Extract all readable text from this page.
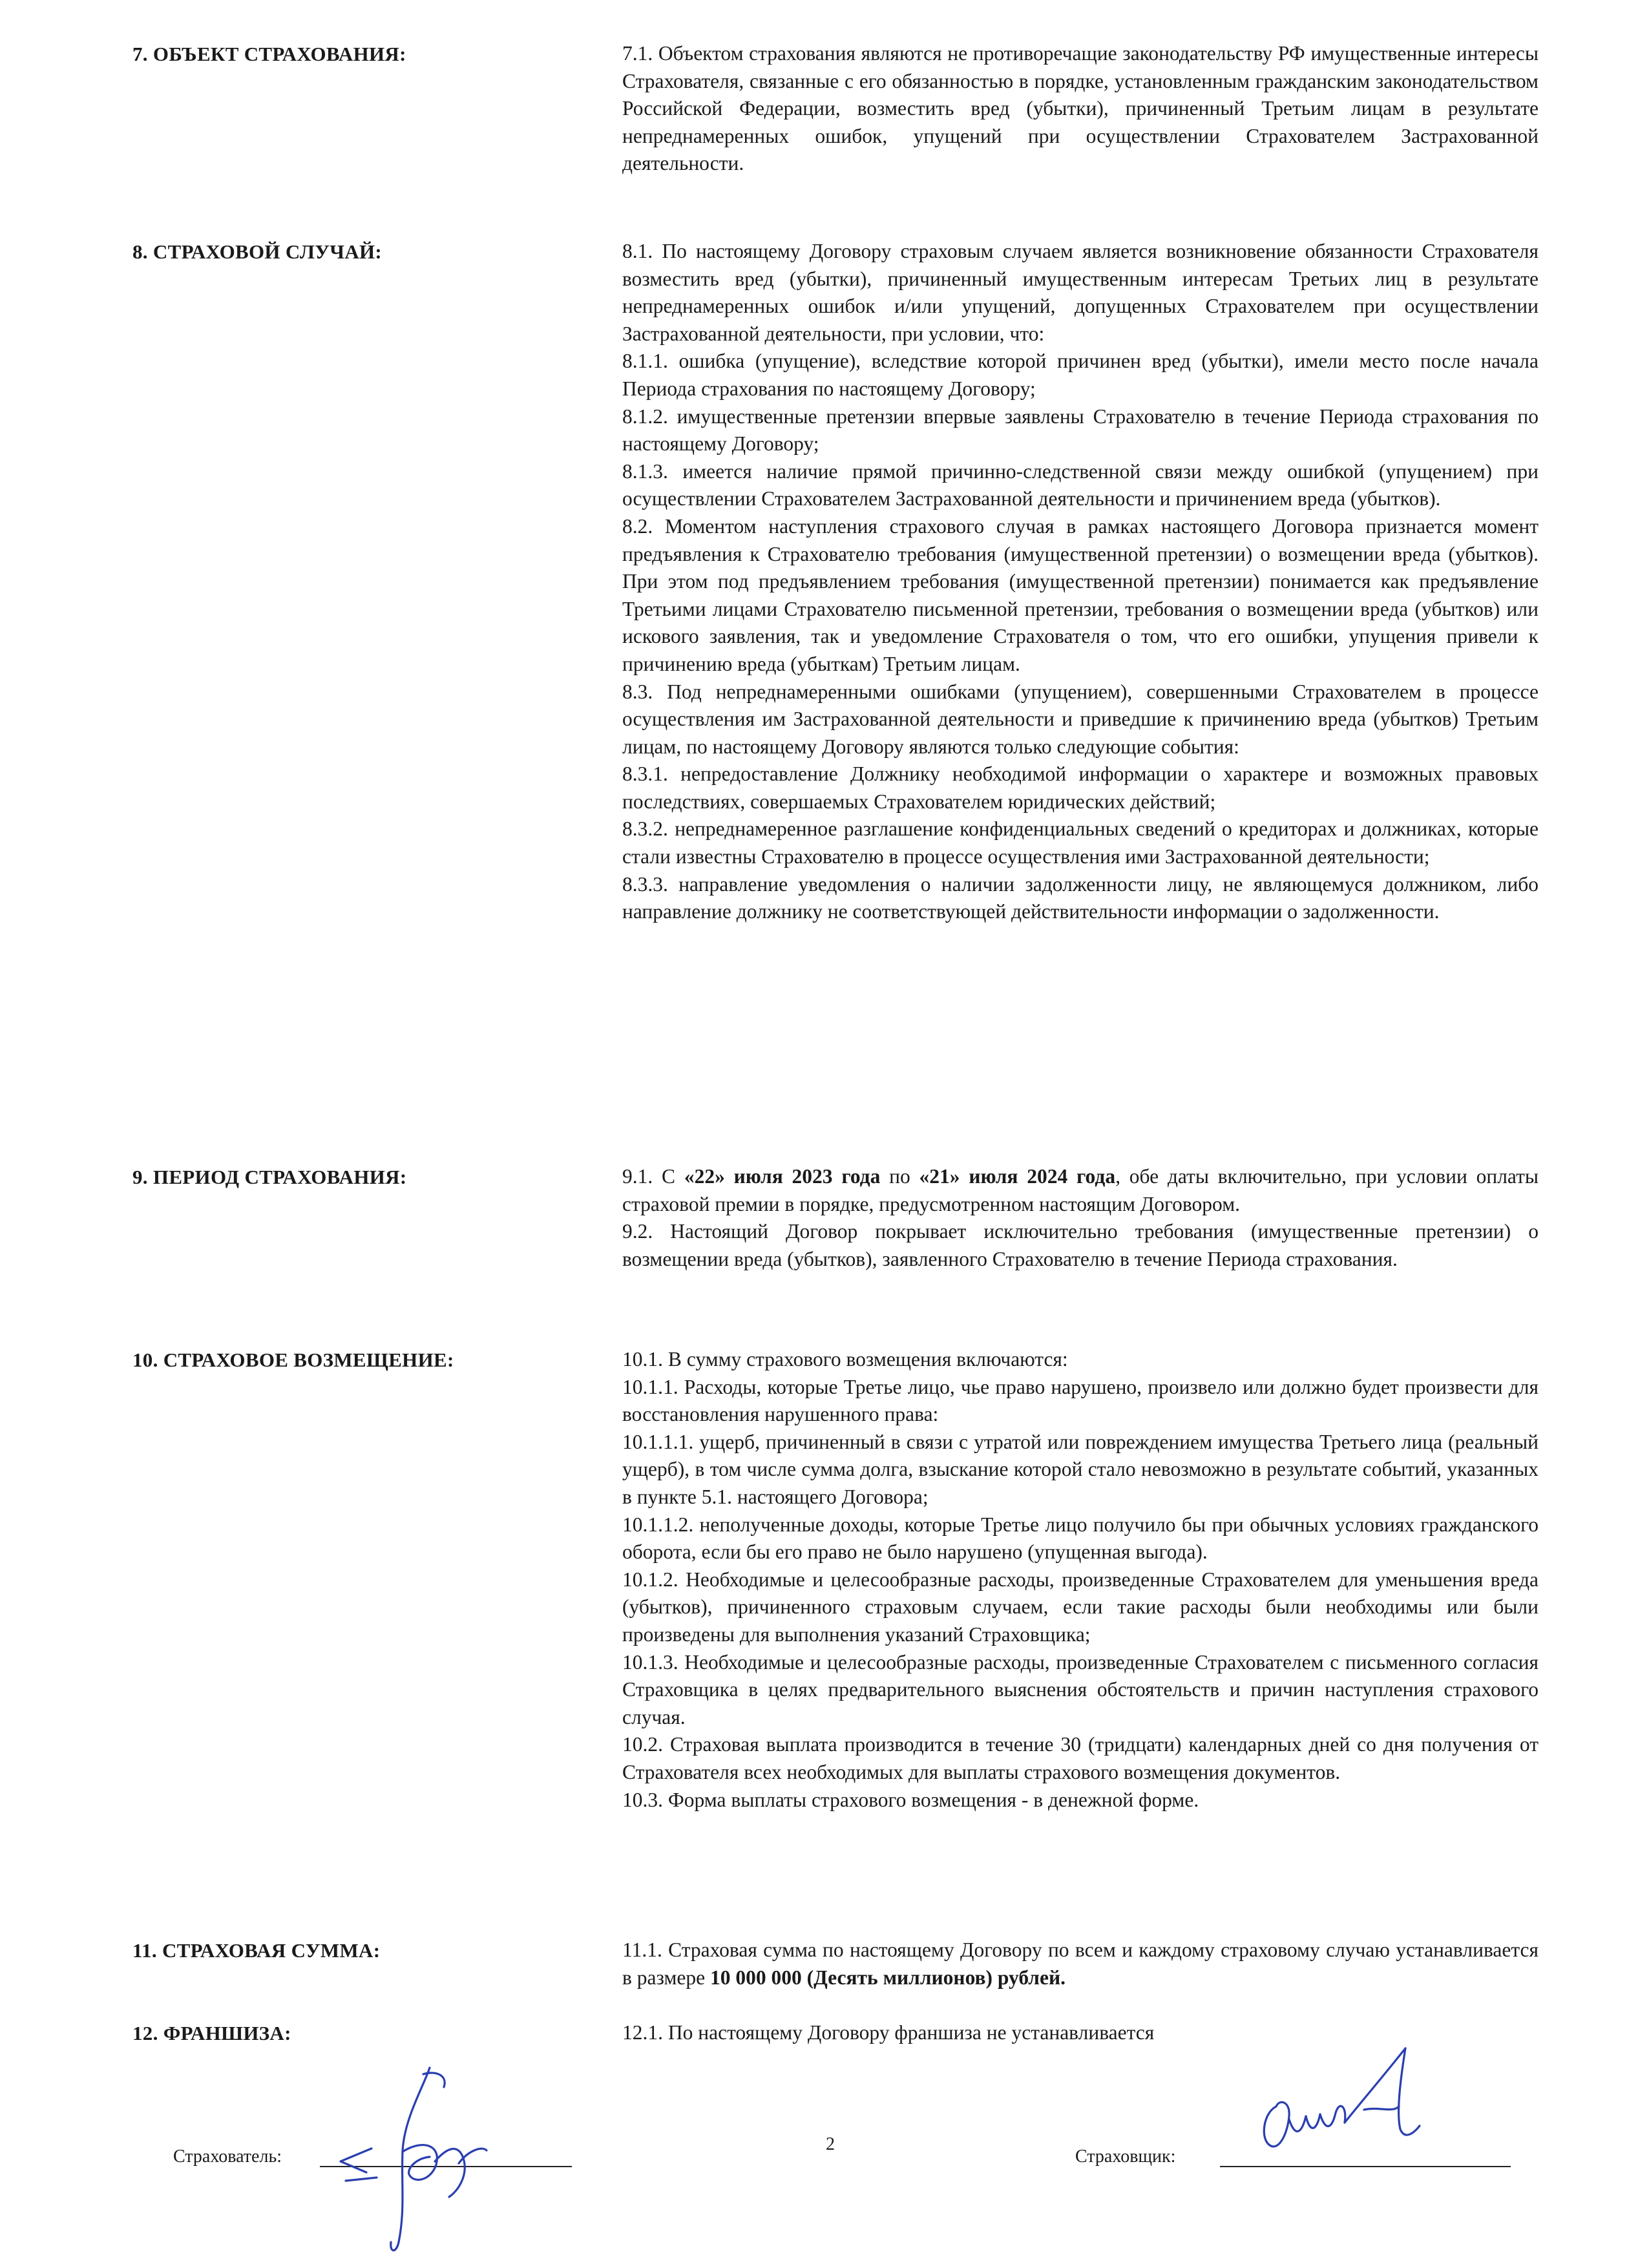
7. ОБЪЕКТ СТРАХОВАНИЯ:	7.1. Объектом страхования являются не противоречащие законодательству РФ имущественные интересы Страхователя, связанные с его обязанностью в порядке, установленным гражданским законодательством Российской Федерации, возместить вред (убытки), причиненный Третьим лицам в результате непреднамеренных ошибок, упущений при осуществлении Страхователем Застрахованной деятельности.

8. СТРАХОВОЙ СЛУЧАЙ:	8.1. По настоящему Договору страховым случаем является возникновение обязанности Страхователя возместить вред (убытки), причиненный имущественным интересам Третьих лиц в результате непреднамеренных ошибок и/или упущений, допущенных Страхователем при осуществлении Застрахованной деятельности, при условии, что:

8.1.1. ошибка (упущение), вследствие которой причинен вред (убытки), имели место после начала Периода страхования по настоящему Договору;

8.1.2. имущественные претензии впервые заявлены Страхователю в течение Периода страхования по настоящему Договору;

8.1.3. имеется наличие прямой причинно-следственной связи между ошибкой (упущением) при осуществлении Страхователем Застрахованной деятельности и причинением вреда (убытков).

8.2. Моментом наступления страхового случая в рамках настоящего Договора признается момент предъявления к Страхователю требования (имущественной претензии) о возмещении вреда (убытков). При этом под предъявлением требования (имущественной претензии) понимается как предъявление Третьими лицами Страхователю письменной претензии, требования о возмещении вреда (убытков) или искового заявления, так и уведомление Страхователя о том, что его ошибки, упущения привели к причинению вреда (убыткам) Третьим лицам.

8.3. Под непреднамеренными ошибками (упущением), совершенными Страхователем в процессе осуществления им Застрахованной деятельности и приведшие к причинению вреда (убытков) Третьим лицам, по настоящему Договору являются только следующие события:

8.3.1. непредоставление Должнику необходимой информации о характере и возможных правовых последствиях, совершаемых Страхователем юридических действий;

8.3.2. непреднамеренное разглашение конфиденциальных сведений о кредиторах и должниках, которые стали известны Страхователю в процессе осуществления ими Застрахованной деятельности;

8.3.3. направление уведомления о наличии задолженности лицу, не являющемуся должником, либо направление должнику не соответствующей действительности информации о задолженности.

9. ПЕРИОД СТРАХОВАНИЯ:	9.1. С «22» июля 2023 года по «21» июля 2024 года, обе даты включительно, при условии оплаты страховой премии в порядке, предусмотренном настоящим Договором.

9.2. Настоящий Договор покрывает исключительно требования (имущественные претензии) о возмещении вреда (убытков), заявленного Страхователю в течение Периода страхования.

10. СТРАХОВОЕ ВОЗМЕЩЕНИЕ:	10.1. В сумму страхового возмещения включаются:

10.1.1. Расходы, которые Третье лицо, чье право нарушено, произвело или должно будет произвести для восстановления нарушенного права:

10.1.1.1. ущерб, причиненный в связи с утратой или повреждением имущества Третьего лица (реальный ущерб), в том числе сумма долга, взыскание которой стало невозможно в результате событий, указанных в пункте 5.1. настоящего Договора;

10.1.1.2. неполученные доходы, которые Третье лицо получило бы при обычных условиях гражданского оборота, если бы его право не было нарушено (упущенная выгода).

10.1.2. Необходимые и целесообразные расходы, произведенные Страхователем для уменьшения вреда (убытков), причиненного страховым случаем, если такие расходы были необходимы или были произведены для выполнения указаний Страховщика;

10.1.3. Необходимые и целесообразные расходы, произведенные Страхователем с письменного согласия Страховщика в целях предварительного выяснения обстоятельств и причин наступления страхового случая.

10.2. Страховая выплата производится в течение 30 (тридцати) календарных дней со дня получения от Страхователя всех необходимых для выплаты страхового возмещения документов.

10.3. Форма выплаты страхового возмещения - в денежной форме.

11. СТРАХОВАЯ СУММА:	11.1. Страховая сумма по настоящему Договору по всем и каждому страховому случаю устанавливается в размере 10 000 000 (Десять миллионов) рублей.

12. ФРАНШИЗА:	12.1. По настоящему Договору франшиза не устанавливается

Страхователь:	Страховщик:
2
